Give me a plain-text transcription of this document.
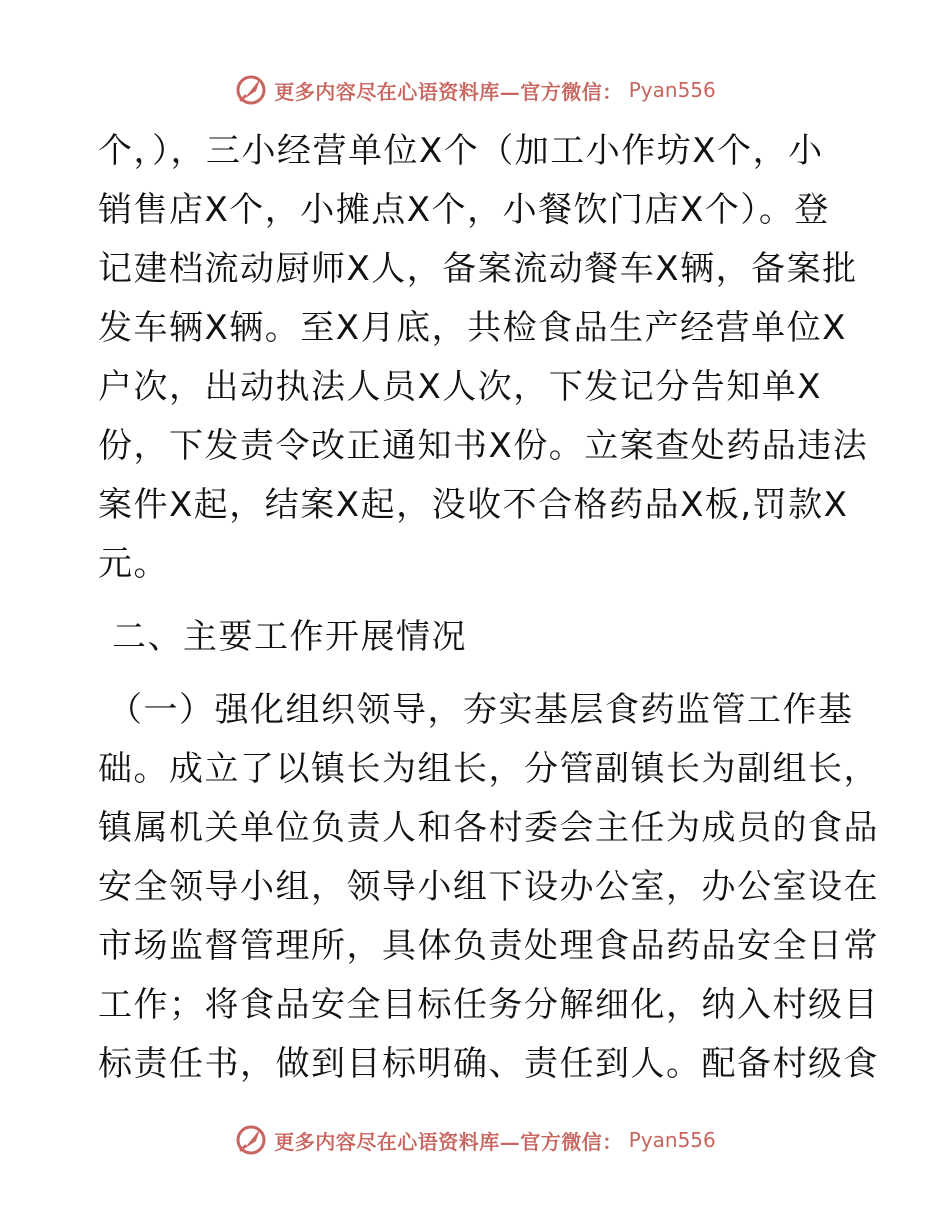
更多内容尽在心语资料库—官方微信： Pyan556
个，），三小经营单位X个（加工小作坊X个，小
销售店X个，小摊点X个，小餐饮门店X个）。登
记建档流动厨师X人，备案流动餐车X辆，备案批
发车辆X辆。至X月底，共检食品生产经营单位X
户次，出动执法人员X人次，下发记分告知单X
份，下发责令改正通知书X份。立案查处药品违法
案件X起，结案X起，没收不合格药品X板,罚款X
元。
二、主要工作开展情况
（一）强化组织领导，夯实基层食药监管工作基
础。成立了以镇长为组长，分管副镇长为副组长，
镇属机关单位负责人和各村委会主任为成员的食品
安全领导小组，领导小组下设办公室，办公室设在
市场监督管理所，具体负责处理食品药品安全日常
工作；将食品安全目标任务分解细化，纳入村级目
标责任书，做到目标明确、责任到人。配备村级食
更多内容尽在心语资料库—官方微信： Pyan556
